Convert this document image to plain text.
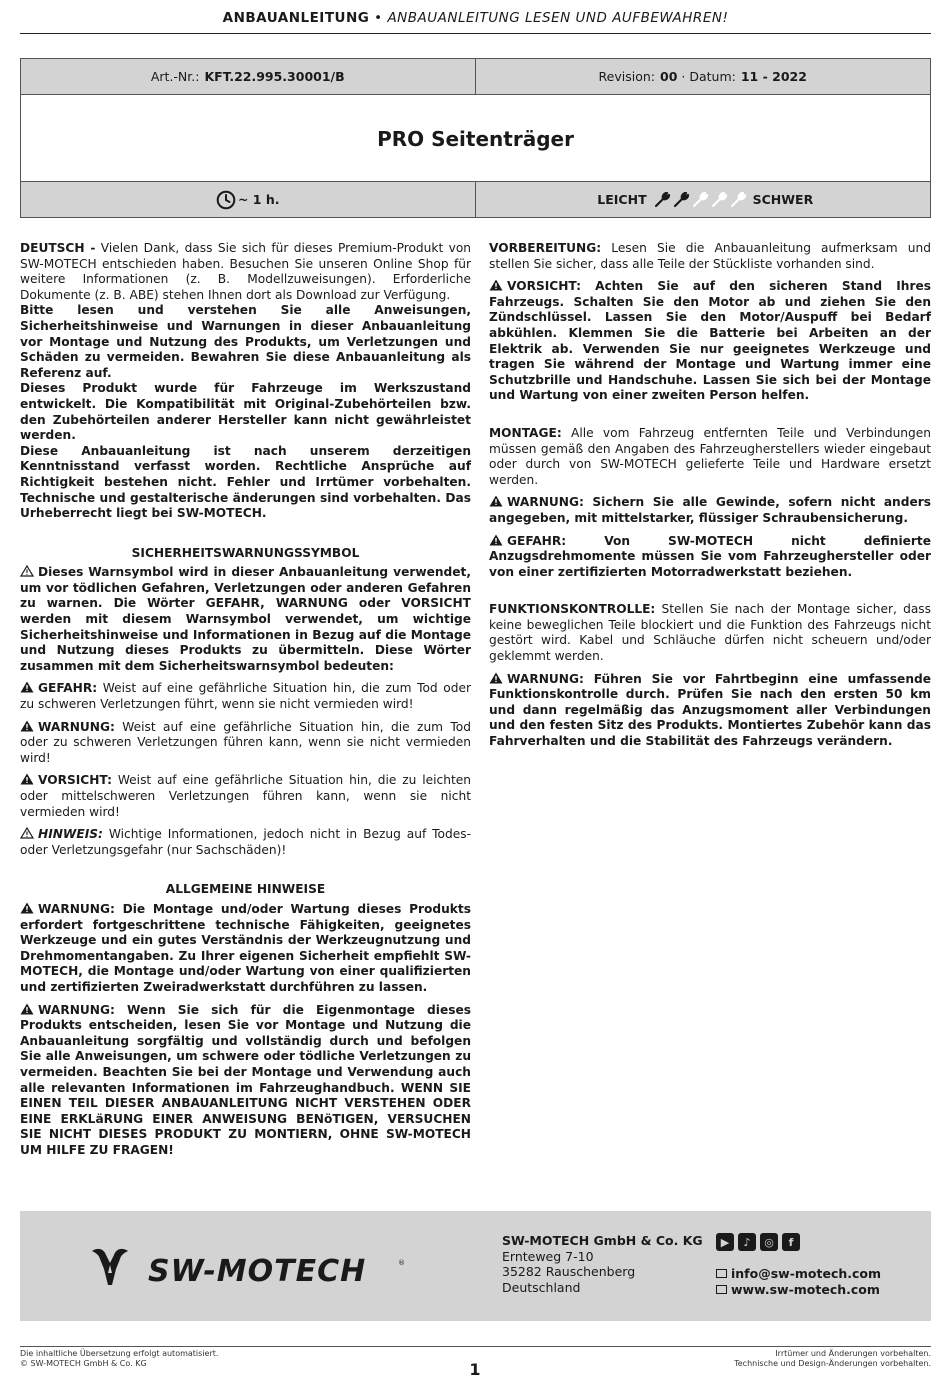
ANBAUANLEITUNG • ANBAUANLEITUNG LESEN UND AUFBEWAHREN!
Art.-Nr.: KFT.22.995.30001/B	Revision: 00 · Datum: 11 - 2022
PRO Seitenträger
~ 1 h.	LEICHT	SCHWER

DEUTSCH - Vielen Dank, dass Sie sich für dieses Premium-Produkt von SW-MOTECH entschieden haben. Besuchen Sie unseren Online Shop für weitere Informationen (z. B. Modellzuweisungen). Erforderliche Dokumente (z. B. ABE) stehen Ihnen dort als Download zur Verfügung.

Bitte lesen und verstehen Sie alle Anweisungen, Sicherheitshinweise und Warnungen in dieser Anbauanleitung vor Montage und Nutzung des Produkts, um Verletzungen und Schäden zu vermeiden. Bewahren Sie diese Anbauanleitung als Referenz auf.

Dieses Produkt wurde für Fahrzeuge im Werkszustand entwickelt. Die Kompatibilität mit Original-Zubehörteilen bzw. den Zubehörteilen anderer Hersteller kann nicht gewährleistet werden.

Diese Anbauanleitung ist nach unserem derzeitigen Kenntnisstand verfasst worden. Rechtliche Ansprüche auf Richtigkeit bestehen nicht. Fehler und Irrtümer vorbehalten. Technische und gestalterische änderungen sind vorbehalten. Das Urheberrecht liegt bei SW-MOTECH.

SICHERHEITSWARNUNGSSYMBOL

Dieses Warnsymbol wird in dieser Anbauanleitung verwendet, um vor tödlichen Gefahren, Verletzungen oder anderen Gefahren zu warnen. Die Wörter GEFAHR, WARNUNG oder VORSICHT werden mit diesem Warnsymbol verwendet, um wichtige Sicherheitshinweise und Informationen in Bezug auf die Montage und Nutzung dieses Produkts zu übermitteln. Diese Wörter zusammen mit dem Sicherheitswarnsymbol bedeuten:

GEFAHR: Weist auf eine gefährliche Situation hin, die zum Tod oder zu schweren Verletzungen führt, wenn sie nicht vermieden wird!

WARNUNG: Weist auf eine gefährliche Situation hin, die zum Tod oder zu schweren Verletzungen führen kann, wenn sie nicht vermieden wird!

VORSICHT: Weist auf eine gefährliche Situation hin, die zu leichten oder mittelschweren Verletzungen führen kann, wenn sie nicht vermieden wird!

HINWEIS: Wichtige Informationen, jedoch nicht in Bezug auf Todes- oder Verletzungsgefahr (nur Sachschäden)!

ALLGEMEINE HINWEISE

WARNUNG: Die Montage und/oder Wartung dieses Produkts erfordert fortgeschrittene technische Fähigkeiten, geeignetes Werkzeuge und ein gutes Verständnis der Werkzeugnutzung und Drehmomentangaben. Zu Ihrer eigenen Sicherheit empfiehlt SW-MOTECH, die Montage und/oder Wartung von einer qualifizierten und zertifizierten Zweiradwerkstatt durchführen zu lassen.

WARNUNG: Wenn Sie sich für die Eigenmontage dieses Produkts entscheiden, lesen Sie vor Montage und Nutzung die Anbauanleitung sorgfältig und vollständig durch und befolgen Sie alle Anweisungen, um schwere oder tödliche Verletzungen zu vermeiden. Beachten Sie bei der Montage und Verwendung auch alle relevanten Informationen im Fahrzeughandbuch. WENN SIE EINEN TEIL DIESER ANBAUANLEITUNG NICHT VERSTEHEN ODER EINE ERKLäRUNG EINER ANWEISUNG BENöTIGEN, VERSUCHEN SIE NICHT DIESES PRODUKT ZU MONTIERN, OHNE SW-MOTECH UM HILFE ZU FRAGEN!

VORBEREITUNG: Lesen Sie die Anbauanleitung aufmerksam und stellen Sie sicher, dass alle Teile der Stückliste vorhanden sind.

VORSICHT: Achten Sie auf den sicheren Stand Ihres Fahrzeugs. Schalten Sie den Motor ab und ziehen Sie den Zündschlüssel. Lassen Sie den Motor/Auspuff bei Bedarf abkühlen. Klemmen Sie die Batterie bei Arbeiten an der Elektrik ab. Verwenden Sie nur geeignetes Werkzeuge und tragen Sie während der Montage und Wartung immer eine Schutzbrille und Handschuhe. Lassen Sie sich bei der Montage und Wartung von einer zweiten Person helfen.

MONTAGE: Alle vom Fahrzeug entfernten Teile und Verbindungen müssen gemäß den Angaben des Fahrzeugherstellers wieder eingebaut oder durch von SW-MOTECH gelieferte Teile und Hardware ersetzt werden.

WARNUNG: Sichern Sie alle Gewinde, sofern nicht anders angegeben, mit mittelstarker, flüssiger Schraubensicherung.

GEFAHR: Von SW-MOTECH nicht definierte Anzugsdrehmomente müssen Sie vom Fahrzeughersteller oder von einer zertifizierten Motorradwerkstatt beziehen.

FUNKTIONSKONTROLLE: Stellen Sie nach der Montage sicher, dass keine beweglichen Teile blockiert und die Funktion des Fahrzeugs nicht gestört wird. Kabel und Schläuche dürfen nicht scheuern und/oder geklemmt werden.

WARNUNG: Führen Sie vor Fahrtbeginn eine umfassende Funktionskontrolle durch. Prüfen Sie nach den ersten 50 km und dann regelmäßig das Anzugsmoment aller Verbindungen und den festen Sitz des Produkts. Montiertes Zubehör kann das Fahrverhalten und die Stabilität des Fahrzeugs verändern.

SW-MOTECH	®
SW-MOTECH GmbH & Co. KG
Ernteweg 7-10
35282 Rauschenberg
Deutschland
▶	♪	◎	f
info@sw-motech.com
www.sw-motech.com
Die inhaltliche Übersetzung erfolgt automatisiert.
© SW-MOTECH GmbH & Co. KG
Irrtümer und Änderungen vorbehalten.
Technische und Design-Änderungen vorbehalten.
1
